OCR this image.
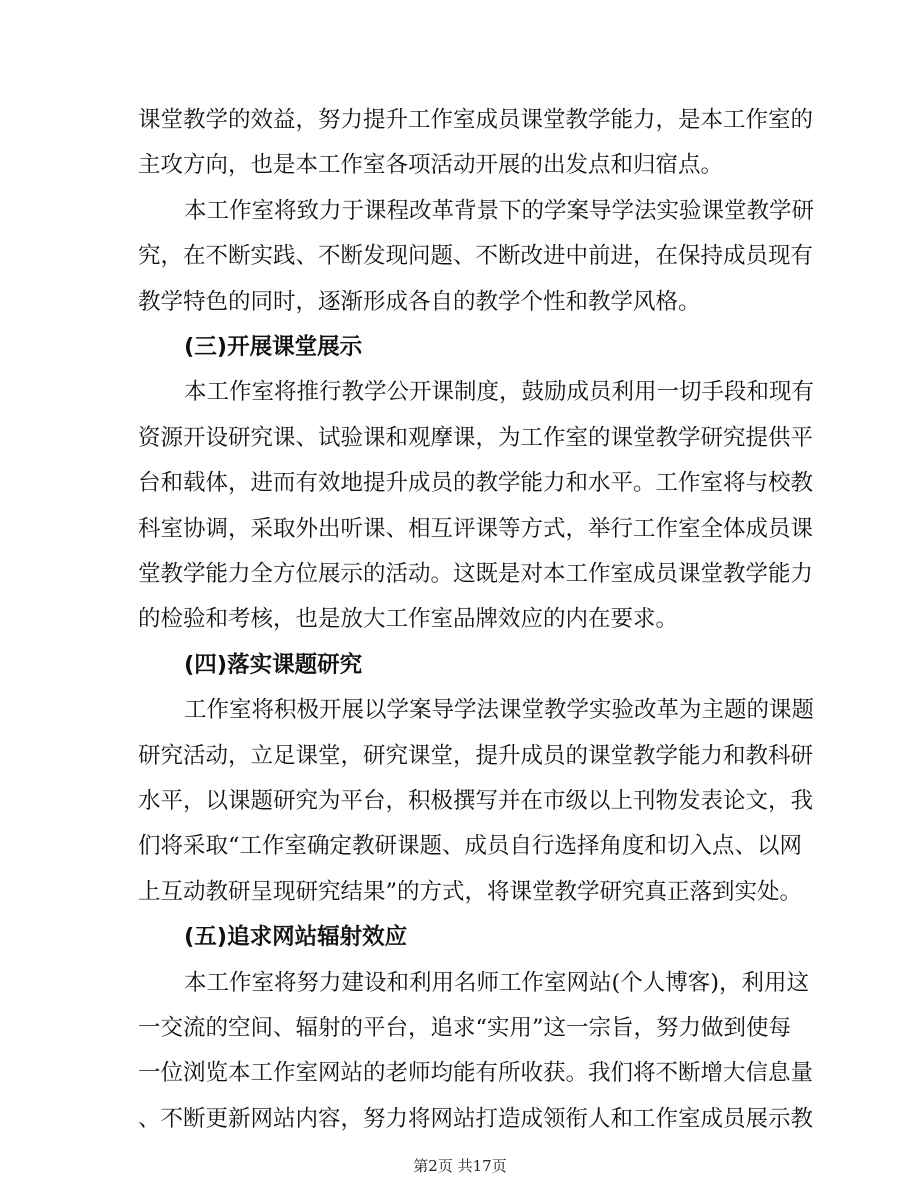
课堂教学的效益，努力提升工作室成员课堂教学能力，是本工作室的
主攻方向，也是本工作室各项活动开展的出发点和归宿点。
本工作室将致力于课程改革背景下的学案导学法实验课堂教学研
究，在不断实践、不断发现问题、不断改进中前进，在保持成员现有
教学特色的同时，逐渐形成各自的教学个性和教学风格。
(三)开展课堂展示
本工作室将推行教学公开课制度，鼓励成员利用一切手段和现有
资源开设研究课、试验课和观摩课，为工作室的课堂教学研究提供平
台和载体，进而有效地提升成员的教学能力和水平。工作室将与校教
科室协调，采取外出听课、相互评课等方式，举行工作室全体成员课
堂教学能力全方位展示的活动。这既是对本工作室成员课堂教学能力
的检验和考核，也是放大工作室品牌效应的内在要求。
(四)落实课题研究
工作室将积极开展以学案导学法课堂教学实验改革为主题的课题
研究活动，立足课堂，研究课堂，提升成员的课堂教学能力和教科研
水平，以课题研究为平台，积极撰写并在市级以上刊物发表论文，我
们将采取“工作室确定教研课题、成员自行选择角度和切入点、以网
上互动教研呈现研究结果”的方式，将课堂教学研究真正落到实处。
(五)追求网站辐射效应
本工作室将努力建设和利用名师工作室网站(个人博客)，利用这
一交流的空间、辐射的平台，追求“实用”这一宗旨，努力做到使每
一位浏览本工作室网站的老师均能有所收获。我们将不断增大信息量
、不断更新网站内容，努力将网站打造成领衔人和工作室成员展示教
第2页 共17页
